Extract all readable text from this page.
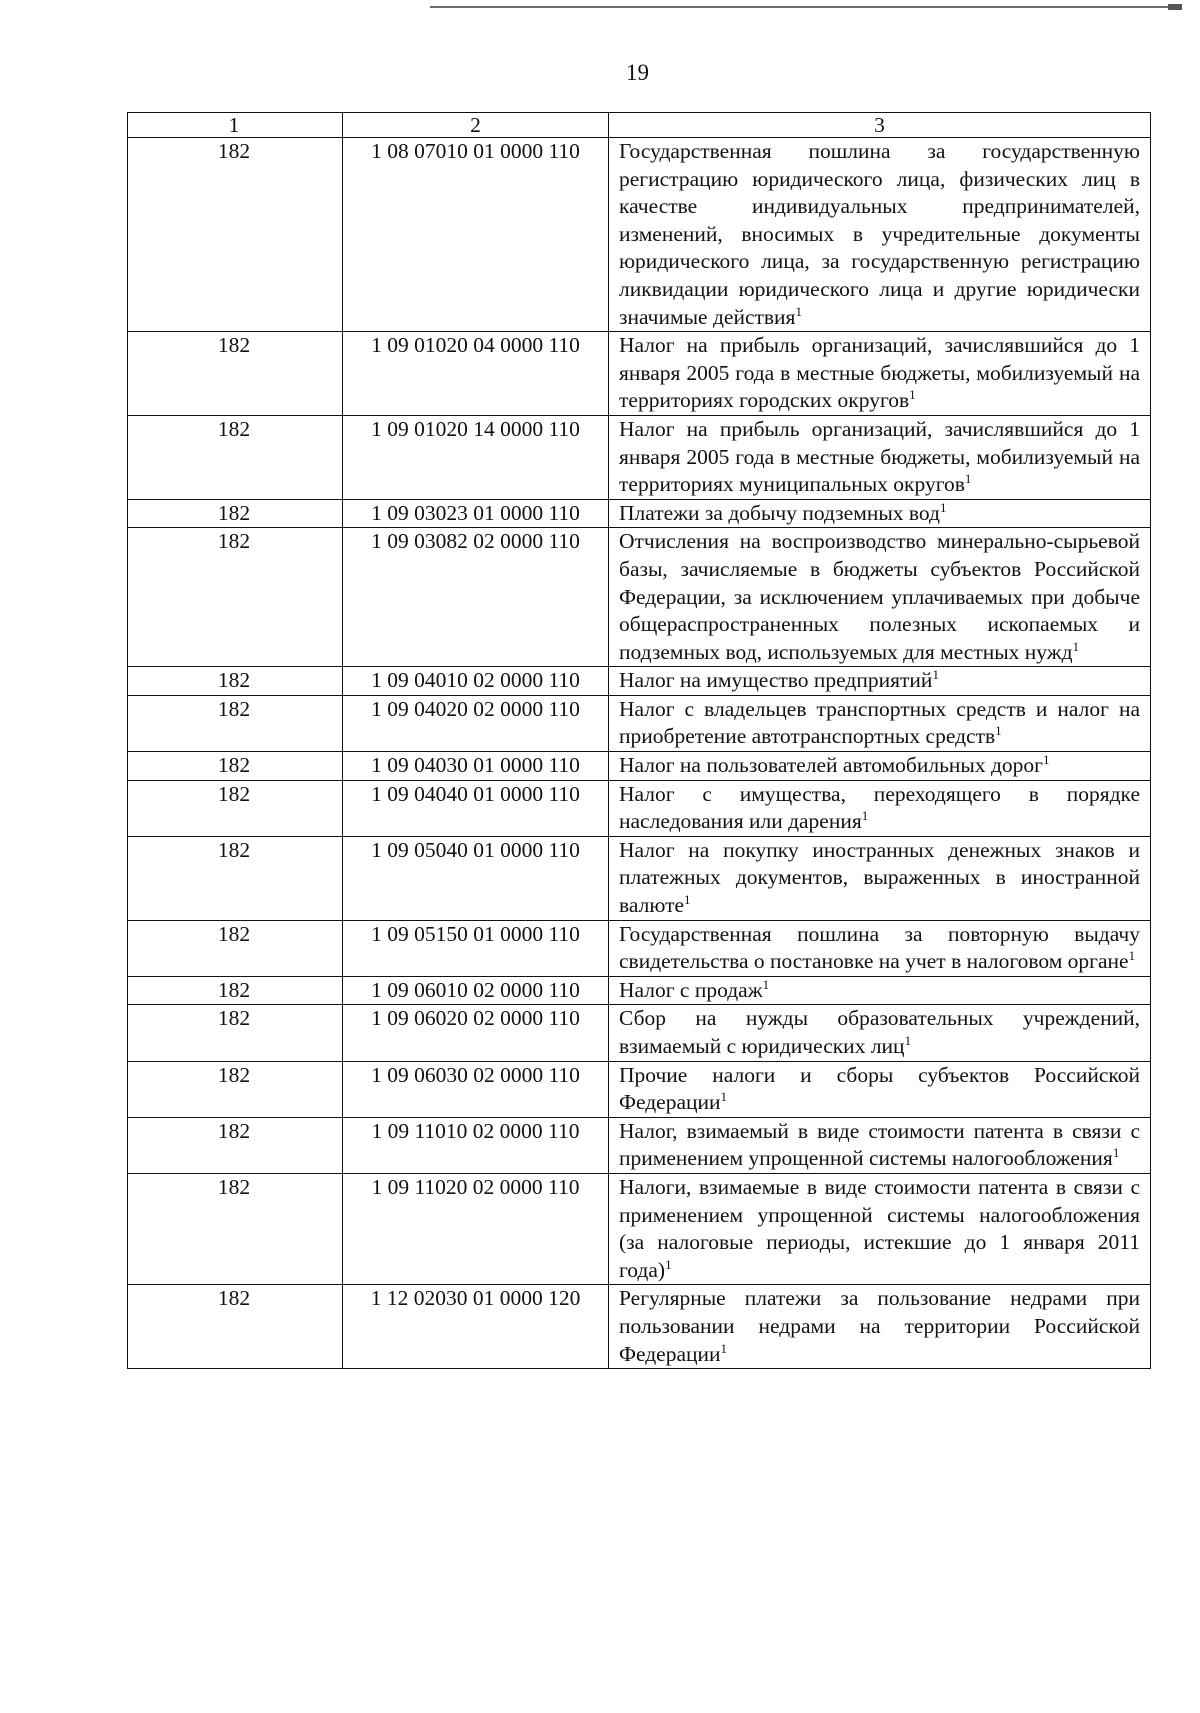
19
1	2	3
182	1 08 07010 01 0000 110	Государственная пошлина за государственную регистрацию юридического лица, физических лиц в качестве индивидуальных предпринимателей, изменений, вносимых в учредительные документы юридического лица, за государственную регистрацию ликвидации юридического лица и другие юридически значимые действия$^1$

182	1 09 01020 04 0000 110	Налог на прибыль организаций, зачислявшийся до 1 января 2005 года в местные бюджеты, мобилизуемый на территориях городских округов$^1$

182	1 09 01020 14 0000 110	Налог на прибыль организаций, зачислявшийся до 1 января 2005 года в местные бюджеты, мобилизуемый на территориях муниципальных округов$^1$

182	1 09 03023 01 0000 110	Платежи за добычу подземных вод$^1$

182	1 09 03082 02 0000 110	Отчисления на воспроизводство минерально-сырьевой базы, зачисляемые в бюджеты субъектов Российской Федерации, за исключением уплачиваемых при добыче общераспространенных полезных ископаемых и подземных вод, используемых для местных нужд$^1$

182	1 09 04010 02 0000 110	Налог на имущество предприятий$^1$

182	1 09 04020 02 0000 110	Налог с владельцев транспортных средств и налог на приобретение автотранспортных средств$^1$

182	1 09 04030 01 0000 110	Налог на пользователей автомобильных дорог$^1$

182	1 09 04040 01 0000 110	Налог с имущества, переходящего в порядке наследования или дарения$^1$

182	1 09 05040 01 0000 110	Налог на покупку иностранных денежных знаков и платежных документов, выраженных в иностранной валюте$^1$

182	1 09 05150 01 0000 110	Государственная пошлина за повторную выдачу свидетельства о постановке на учет в налоговом органе$^1$

182	1 09 06010 02 0000 110	Налог с продаж$^1$

182	1 09 06020 02 0000 110	Сбор на нужды образовательных учреждений, взимаемый с юридических лиц$^1$

182	1 09 06030 02 0000 110	Прочие налоги и сборы субъектов Российской Федерации$^1$

182	1 09 11010 02 0000 110	Налог, взимаемый в виде стоимости патента в связи с применением упрощенной системы налогообложения$^1$

182	1 09 11020 02 0000 110	Налоги, взимаемые в виде стоимости патента в связи с применением упрощенной системы налогообложения (за налоговые периоды, истекшие до 1 января 2011 года)$^1$

182	1 12 02030 01 0000 120	Регулярные платежи за пользование недрами при пользовании недрами на территории Российской Федерации$^1$
